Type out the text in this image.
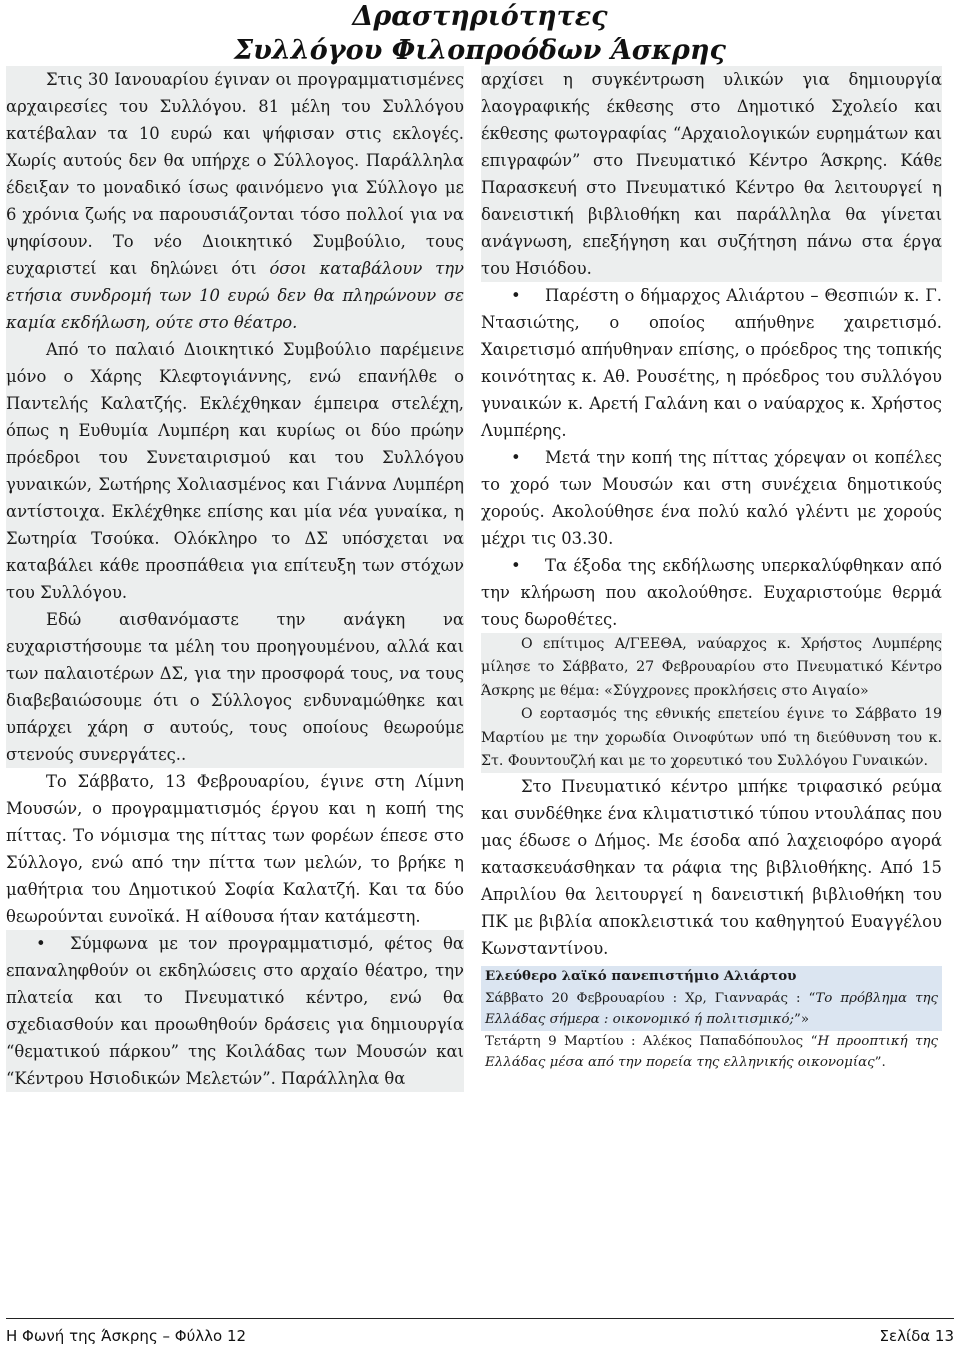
Δραστηριότητες
Συλλόγου Φιλοπροόδων Άσκρης

Στις 30 Ιανουαρίου έγιναν οι προγραμματισμένες αρχαιρεσίες του Συλλόγου. 81 μέλη του Συλλόγου κατέβαλαν τα 10 ευρώ και ψήφισαν στις εκλογές. Χωρίς αυτούς δεν θα υπήρχε ο Σύλλογος. Παράλληλα έδειξαν το μοναδικό ίσως φαινόμενο για Σύλλογο με 6 χρόνια ζωής να παρουσιάζονται τόσο πολλοί για να ψηφίσουν. Το νέο Διοικητικό Συμβούλιο, τους ευχαριστεί και δηλώνει ότι όσοι καταβάλουν την ετήσια συνδρομή των 10 ευρώ δεν θα πληρώνουν σε καμία εκδήλωση, ούτε στο θέατρο.

Από το παλαιό Διοικητικό Συμβούλιο παρέμεινε μόνο ο Χάρης Κλεφτογιάννης, ενώ επανήλθε ο Παντελής Καλατζής. Εκλέχθηκαν έμπειρα στελέχη, όπως η Ευθυμία Λυμπέρη και κυρίως οι δύο πρώην πρόεδροι του Συνεταιρισμού και του Συλλόγου γυναικών, Σωτήρης Χολιασμένος και Γιάννα Λυμπέρη αντίστοιχα. Εκλέχθηκε επίσης και μία νέα γυναίκα, η Σωτηρία Τσούκα. Ολόκληρο το ΔΣ υπόσχεται να καταβάλει κάθε προσπάθεια για επίτευξη των στόχων του Συλλόγου.

Εδώ αισθανόμαστε την ανάγκη να ευχαριστήσουμε τα μέλη του προηγουμένου, αλλά και των παλαιοτέρων ΔΣ, για την προσφορά τους, να τους διαβεβαιώσουμε ότι ο Σύλλογος ενδυναμώθηκε και υπάρχει χάρη σ αυτούς, τους οποίους θεωρούμε στενούς συνεργάτες..

Το Σάββατο, 13 Φεβρουαρίου, έγινε στη Λίμνη Μουσών, ο προγραμματισμός έργου και η κοπή της πίττας. Το νόμισμα της πίττας των φορέων έπεσε στο Σύλλογο, ενώ από την πίττα των μελών, το βρήκε η μαθήτρια του Δημοτικού Σοφία Καλατζή. Και τα δύο θεωρούνται ευνοϊκά. Η αίθουσα ήταν κατάμεστη.

• Σύμφωνα με τον προγραμματισμό, φέτος θα επαναληφθούν οι εκδηλώσεις στο αρχαίο θέατρο, την πλατεία και το Πνευματικό κέντρο, ενώ θα σχεδιασθούν και προωθηθούν δράσεις για δημιουργία “θεματικού πάρκου” της Κοιλάδας των Μουσών και “Κέντρου Ησιοδικών Μελετών”. Παράλληλα θα

αρχίσει η συγκέντρωση υλικών για δημιουργία λαογραφικής έκθεσης στο Δημοτικό Σχολείο και έκθεσης φωτογραφίας “Αρχαιολογικών ευρημάτων και επιγραφών” στο Πνευματικό Κέντρο Άσκρης. Κάθε Παρασκευή στο Πνευματικό Κέντρο θα λειτουργεί η δανειστική βιβλιοθήκη και παράλληλα θα γίνεται ανάγνωση, επεξήγηση και συζήτηση πάνω στα έργα του Ησιόδου.

• Παρέστη ο δήμαρχος Αλιάρτου – Θεσπιών κ. Γ. Ντασιώτης, ο οποίος απήυθηνε χαιρετισμό. Χαιρετισμό απήυθηναν επίσης, ο πρόεδρος της τοπικής κοινότητας κ. Αθ. Ρουσέτης, η πρόεδρος του συλλόγου γυναικών κ. Αρετή Γαλάνη και ο ναύαρχος κ. Χρήστος Λυμπέρης.

• Μετά την κοπή της πίττας χόρεψαν οι κοπέλες το χορό των Μουσών και στη συνέχεια δημοτικούς χορούς. Ακολούθησε ένα πολύ καλό γλέντι με χορούς μέχρι τις 03.30.

• Τα έξοδα της εκδήλωσης υπερκαλύφθηκαν από την κλήρωση που ακολούθησε. Ευχαριστούμε θερμά τους δωροθέτες.

Ο επίτιμος Α/ΓΕΕΘΑ, ναύαρχος κ. Χρήστος Λυμπέρης μίλησε το Σάββατο, 27 Φεβρουαρίου στο Πνευματικό Κέντρο Άσκρης με θέμα: «Σύγχρονες προκλήσεις στο Αιγαίο»

Ο εορτασμός της εθνικής επετείου έγινε το Σάββατο 19 Μαρτίου με την χορωδία Οινοφύτων υπό τη διεύθυνση του κ. Στ. Φουντουζλή και με το χορευτικό του Συλλόγου Γυναικών.

Στο Πνευματικό κέντρο μπήκε τριφασικό ρεύμα και συνδέθηκε ένα κλιματιστικό τύπου ντουλάπας που μας έδωσε ο Δήμος. Με έσοδα από λαχειοφόρο αγορά κατασκευάσθηκαν τα ράφια της βιβλιοθήκης. Από 15 Απριλίου θα λειτουργεί η δανειστική βιβλιοθήκη του ΠΚ με βιβλία αποκλειστικά του καθηγητού Ευαγγέλου Κωνσταντίνου.

Ελεύθερο λαϊκό πανεπιστήμιο Αλιάρτου
Σάββατο 20 Φεβρουαρίου : Χρ, Γιανναράς : “Το πρόβλημα της Ελλάδας σήμερα : οικονομικό ή πολιτισμικό;”»
Τετάρτη 9 Μαρτίου : Αλέκος Παπαδόπουλος “Η προοπτική της Ελλάδας μέσα από την πορεία της ελληνικής οικονομίας”.
Η Φωνή της Άσκρης – Φύλλο 12	Σελίδα 13
